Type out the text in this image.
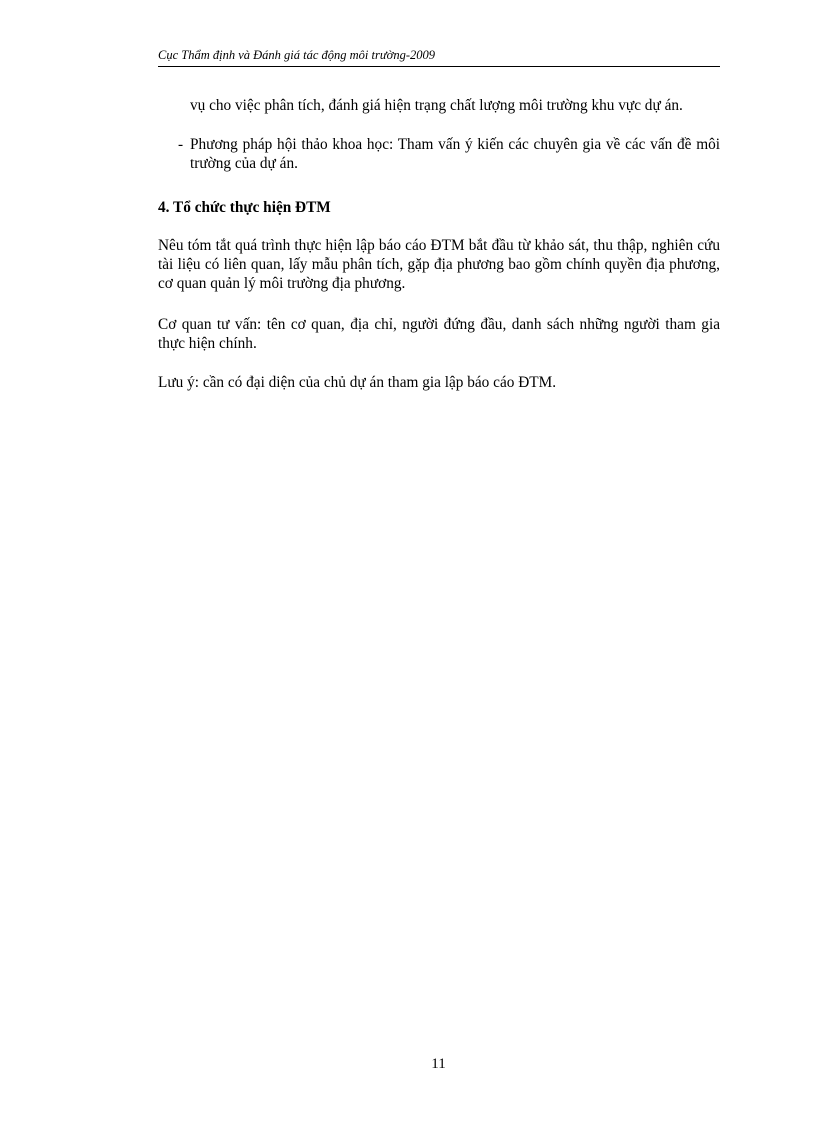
Cục Thẩm định và Đánh giá tác động môi trường-2009
vụ cho việc phân tích, đánh giá hiện trạng chất lượng môi trường khu vực dự án.
- Phương pháp hội thảo khoa học: Tham vấn ý kiến các chuyên gia về các vấn đề môi trường của dự án.
4. Tổ chức thực hiện ĐTM
Nêu tóm tắt quá trình thực hiện lập báo cáo ĐTM bắt đầu từ khảo sát, thu thập, nghiên cứu tài liệu có liên quan, lấy mẫu phân tích, gặp địa phương bao gồm chính quyền địa phương, cơ quan quản lý môi trường địa phương.
Cơ quan tư vấn: tên cơ quan, địa chỉ, người đứng đầu, danh sách những người tham gia thực hiện chính.
Lưu ý: cần có đại diện của chủ dự án tham gia lập báo cáo ĐTM.
11
